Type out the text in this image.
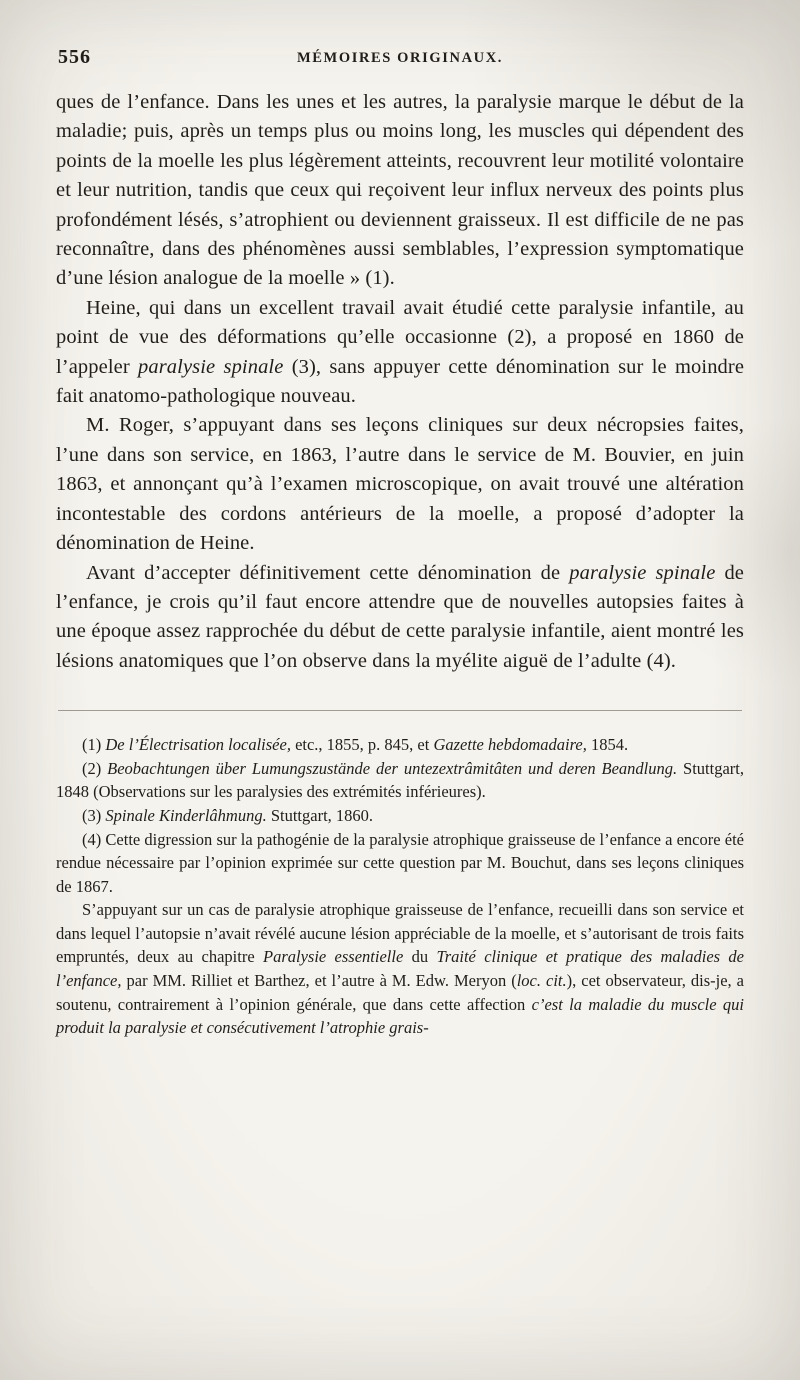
556	MÉMOIRES ORIGINAUX.

ques de l’enfance. Dans les unes et les autres, la paralysie marque le début de la maladie; puis, après un temps plus ou moins long, les muscles qui dépendent des points de la moelle les plus légèrement atteints, recouvrent leur motilité volontaire et leur nutrition, tandis que ceux qui reçoivent leur influx nerveux des points plus profondément lésés, s’atrophient ou deviennent graisseux. Il est difficile de ne pas reconnaître, dans des phénomènes aussi semblables, l’expression symptomatique d’une lésion analogue de la moelle » (1).

Heine, qui dans un excellent travail avait étudié cette paralysie infantile, au point de vue des déformations qu’elle occasionne (2), a proposé en 1860 de l’appeler paralysie spinale (3), sans appuyer cette dénomination sur le moindre fait anatomo-pathologique nouveau.

M. Roger, s’appuyant dans ses leçons cliniques sur deux nécropsies faites, l’une dans son service, en 1863, l’autre dans le service de M. Bouvier, en juin 1863, et annonçant qu’à l’examen microscopique, on avait trouvé une altération incontestable des cordons antérieurs de la moelle, a proposé d’adopter la dénomination de Heine.

Avant d’accepter définitivement cette dénomination de paralysie spinale de l’enfance, je crois qu’il faut encore attendre que de nouvelles autopsies faites à une époque assez rapprochée du début de cette paralysie infantile, aient montré les lésions anatomiques que l’on observe dans la myélite aiguë de l’adulte (4).

(1) De l’Électrisation localisée, etc., 1855, p. 845, et Gazette hebdomadaire, 1854.

(2) Beobachtungen über Lumungszustände der untezextrâmitâten und deren Beandlung. Stuttgart, 1848 (Observations sur les paralysies des extrémités inférieures).

(3) Spinale Kinderlâhmung. Stuttgart, 1860.

(4) Cette digression sur la pathogénie de la paralysie atrophique graisseuse de l’enfance a encore été rendue nécessaire par l’opinion exprimée sur cette question par M. Bouchut, dans ses leçons cliniques de 1867.

S’appuyant sur un cas de paralysie atrophique graisseuse de l’enfance, recueilli dans son service et dans lequel l’autopsie n’avait révélé aucune lésion appréciable de la moelle, et s’autorisant de trois faits empruntés, deux au chapitre Paralysie essentielle du Traité clinique et pratique des maladies de l’enfance, par MM. Rilliet et Barthez, et l’autre à M. Edw. Meryon (loc. cit.), cet observateur, dis-je, a soutenu, contrairement à l’opinion générale, que dans cette affection c’est la maladie du muscle qui produit la paralysie et consécutivement l’atrophie grais-
